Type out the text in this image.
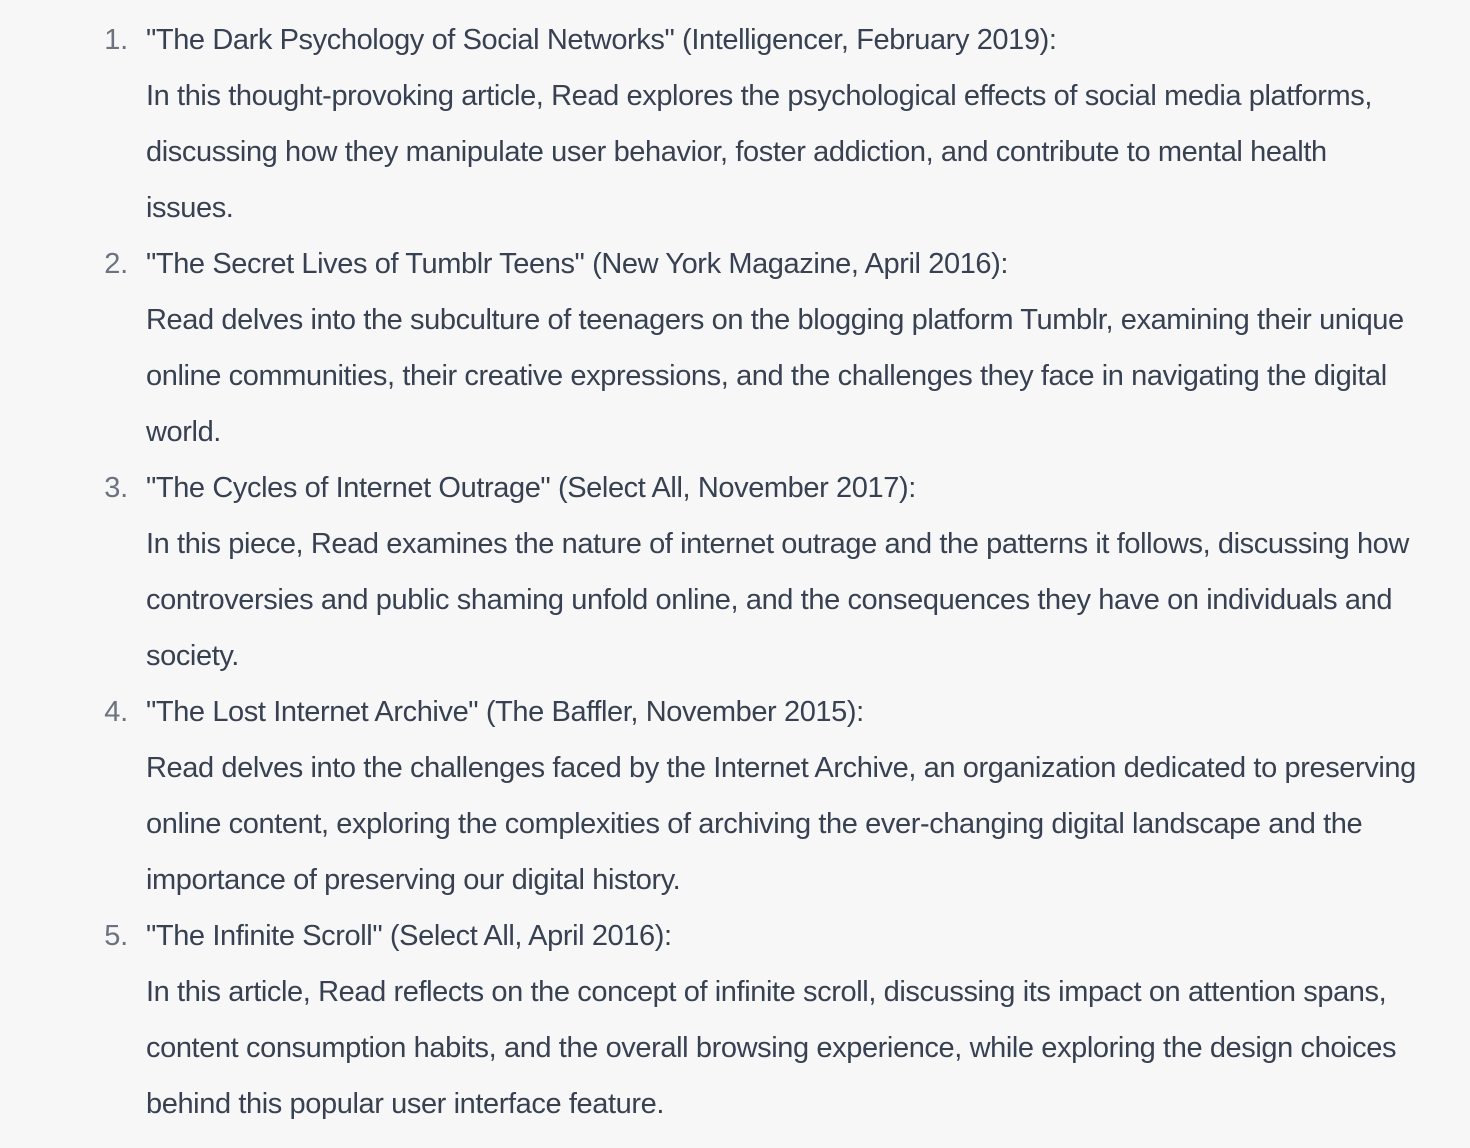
1. "The Dark Psychology of Social Networks" (Intelligencer, February 2019):
In this thought-provoking article, Read explores the psychological effects of social media platforms, discussing how they manipulate user behavior, foster addiction, and contribute to mental health issues.
2. "The Secret Lives of Tumblr Teens" (New York Magazine, April 2016):
Read delves into the subculture of teenagers on the blogging platform Tumblr, examining their unique online communities, their creative expressions, and the challenges they face in navigating the digital world.
3. "The Cycles of Internet Outrage" (Select All, November 2017):
In this piece, Read examines the nature of internet outrage and the patterns it follows, discussing how controversies and public shaming unfold online, and the consequences they have on individuals and society.
4. "The Lost Internet Archive" (The Baffler, November 2015):
Read delves into the challenges faced by the Internet Archive, an organization dedicated to preserving online content, exploring the complexities of archiving the ever-changing digital landscape and the importance of preserving our digital history.
5. "The Infinite Scroll" (Select All, April 2016):
In this article, Read reflects on the concept of infinite scroll, discussing its impact on attention spans, content consumption habits, and the overall browsing experience, while exploring the design choices behind this popular user interface feature.
